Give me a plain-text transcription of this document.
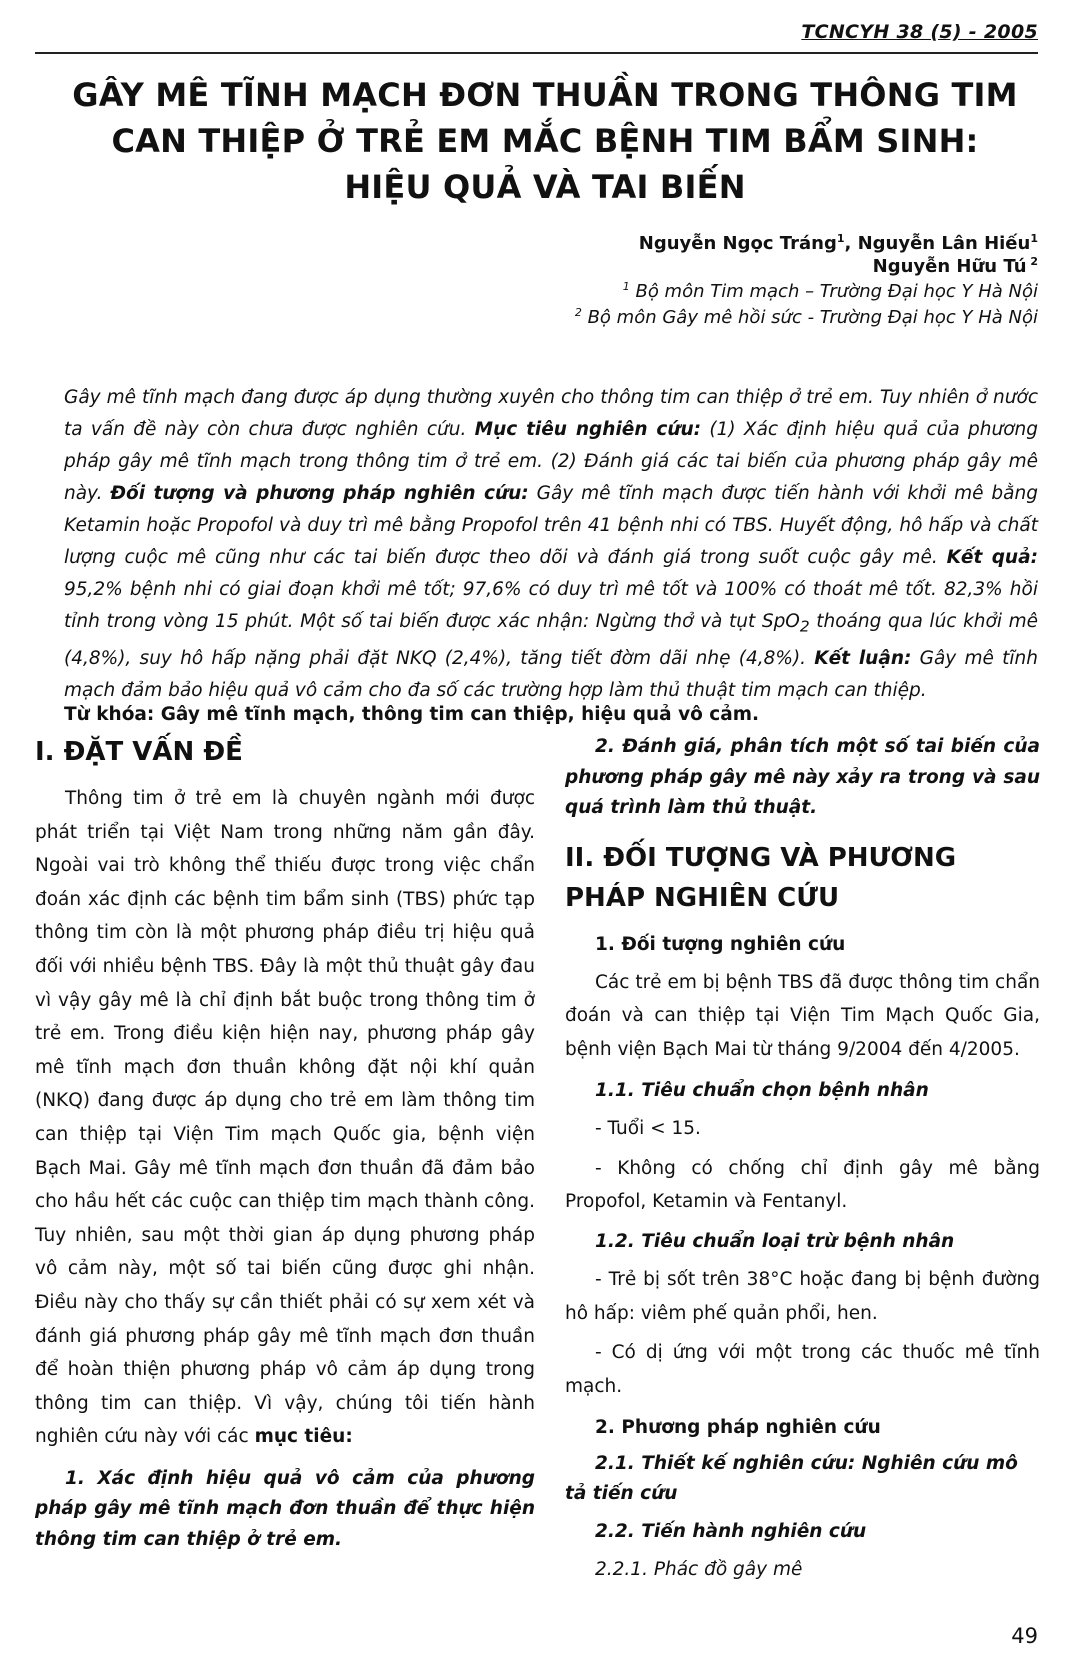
TCNCYH 38 (5) - 2005
GÂY MÊ TĨNH MẠCH ĐƠN THUẦN TRONG THÔNG TIM
CAN THIỆP Ở TRẺ EM MẮC BỆNH TIM BẨM SINH:
HIỆU QUẢ VÀ TAI BIẾN
Nguyễn Ngọc Tráng$^1$, Nguyễn Lân Hiếu$^1$
Nguyễn Hữu Tú $^2$
$^1$ Bộ môn Tim mạch – Trường Đại học Y Hà Nội
$^2$ Bộ môn Gây mê hồi sức - Trường Đại học Y Hà Nội
Gây mê tĩnh mạch đang được áp dụng thường xuyên cho thông tim can thiệp ở trẻ em. Tuy nhiên ở nước ta vấn đề này còn chưa được nghiên cứu. Mục tiêu nghiên cứu: (1) Xác định hiệu quả của phương pháp gây mê tĩnh mạch trong thông tim ở trẻ em. (2) Đánh giá các tai biến của phương pháp gây mê này. Đối tượng và phương pháp nghiên cứu: Gây mê tĩnh mạch được tiến hành với khởi mê bằng Ketamin hoặc Propofol và duy trì mê bằng Propofol trên 41 bệnh nhi có TBS. Huyết động, hô hấp và chất lượng cuộc mê cũng như các tai biến được theo dõi và đánh giá trong suốt cuộc gây mê. Kết quả: 95,2% bệnh nhi có giai đoạn khởi mê tốt; 97,6% có duy trì mê tốt và 100% có thoát mê tốt. 82,3% hồi tỉnh trong vòng 15 phút. Một số tai biến được xác nhận: Ngừng thở và tụt SpO$_2$ thoáng qua lúc khởi mê (4,8%), suy hô hấp nặng phải đặt NKQ (2,4%), tăng tiết đờm dãi nhẹ (4,8%). Kết luận: Gây mê tĩnh mạch đảm bảo hiệu quả vô cảm cho đa số các trường hợp làm thủ thuật tim mạch can thiệp.
Từ khóa: Gây mê tĩnh mạch, thông tim can thiệp, hiệu quả vô cảm.
I. ĐẶT VẤN ĐỀ

Thông tim ở trẻ em là chuyên ngành mới được phát triển tại Việt Nam trong những năm gần đây. Ngoài vai trò không thể thiếu được trong việc chẩn đoán xác định các bệnh tim bẩm sinh (TBS) phức tạp thông tim còn là một phương pháp điều trị hiệu quả đối với nhiều bệnh TBS. Đây là một thủ thuật gây đau vì vậy gây mê là chỉ định bắt buộc trong thông tim ở trẻ em. Trong điều kiện hiện nay, phương pháp gây mê tĩnh mạch đơn thuần không đặt nội khí quản (NKQ) đang được áp dụng cho trẻ em làm thông tim can thiệp tại Viện Tim mạch Quốc gia, bệnh viện Bạch Mai. Gây mê tĩnh mạch đơn thuần đã đảm bảo cho hầu hết các cuộc can thiệp tim mạch thành công. Tuy nhiên, sau một thời gian áp dụng phương pháp vô cảm này, một số tai biến cũng được ghi nhận. Điều này cho thấy sự cần thiết phải có sự xem xét và đánh giá phương pháp gây mê tĩnh mạch đơn thuần để hoàn thiện phương pháp vô cảm áp dụng trong thông tim can thiệp. Vì vậy, chúng tôi tiến hành nghiên cứu này với các mục tiêu:

1. Xác định hiệu quả vô cảm của phương pháp gây mê tĩnh mạch đơn thuần để thực hiện thông tim can thiệp ở trẻ em.
2. Đánh giá, phân tích một số tai biến của phương pháp gây mê này xảy ra trong và sau quá trình làm thủ thuật.
II. ĐỐI TƯỢNG VÀ PHƯƠNG PHÁP NGHIÊN CỨU
1. Đối tượng nghiên cứu

Các trẻ em bị bệnh TBS đã được thông tim chẩn đoán và can thiệp tại Viện Tim Mạch Quốc Gia, bệnh viện Bạch Mai từ tháng 9/2004 đến 4/2005.

1.1. Tiêu chuẩn chọn bệnh nhân
- Tuổi < 15.

- Không có chống chỉ định gây mê bằng Propofol, Ketamin và Fentanyl.

1.2. Tiêu chuẩn loại trừ bệnh nhân

- Trẻ bị sốt trên 38°C hoặc đang bị bệnh đường hô hấp: viêm phế quản phổi, hen.

- Có dị ứng với một trong các thuốc mê tĩnh mạch.

2. Phương pháp nghiên cứu
2.1. Thiết kế nghiên cứu: Nghiên cứu mô tả tiến cứu
2.2. Tiến hành nghiên cứu
2.2.1. Phác đồ gây mê
49
